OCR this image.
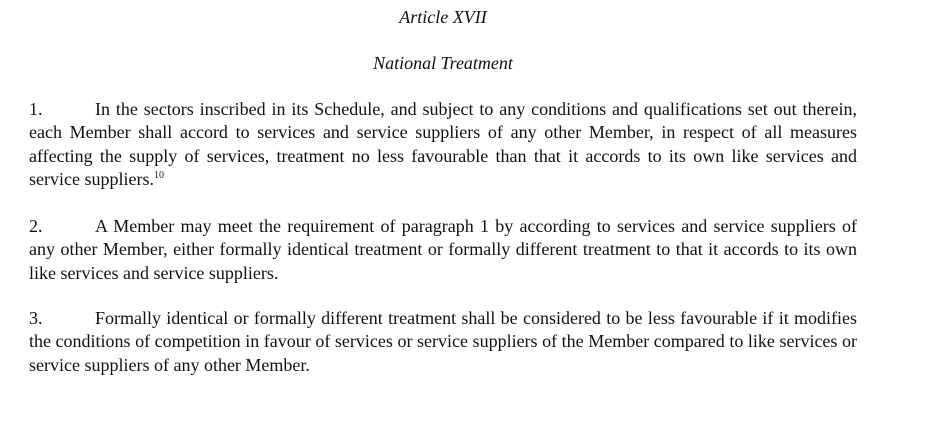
Article XVII

National Treatment

1.	In the sectors inscribed in its Schedule, and subject to any conditions and qualifications set out therein, each Member shall accord to services and service suppliers of any other Member, in respect of all measures affecting the supply of services, treatment no less favourable than that it accords to its own like services and service suppliers.$^{10}$

2.	A Member may meet the requirement of paragraph 1 by according to services and service suppliers of any other Member, either formally identical treatment or formally different treatment to that it accords to its own like services and service suppliers.

3.	Formally identical or formally different treatment shall be considered to be less favourable if it modifies the conditions of competition in favour of services or service suppliers of the Member compared to like services or service suppliers of any other Member.
